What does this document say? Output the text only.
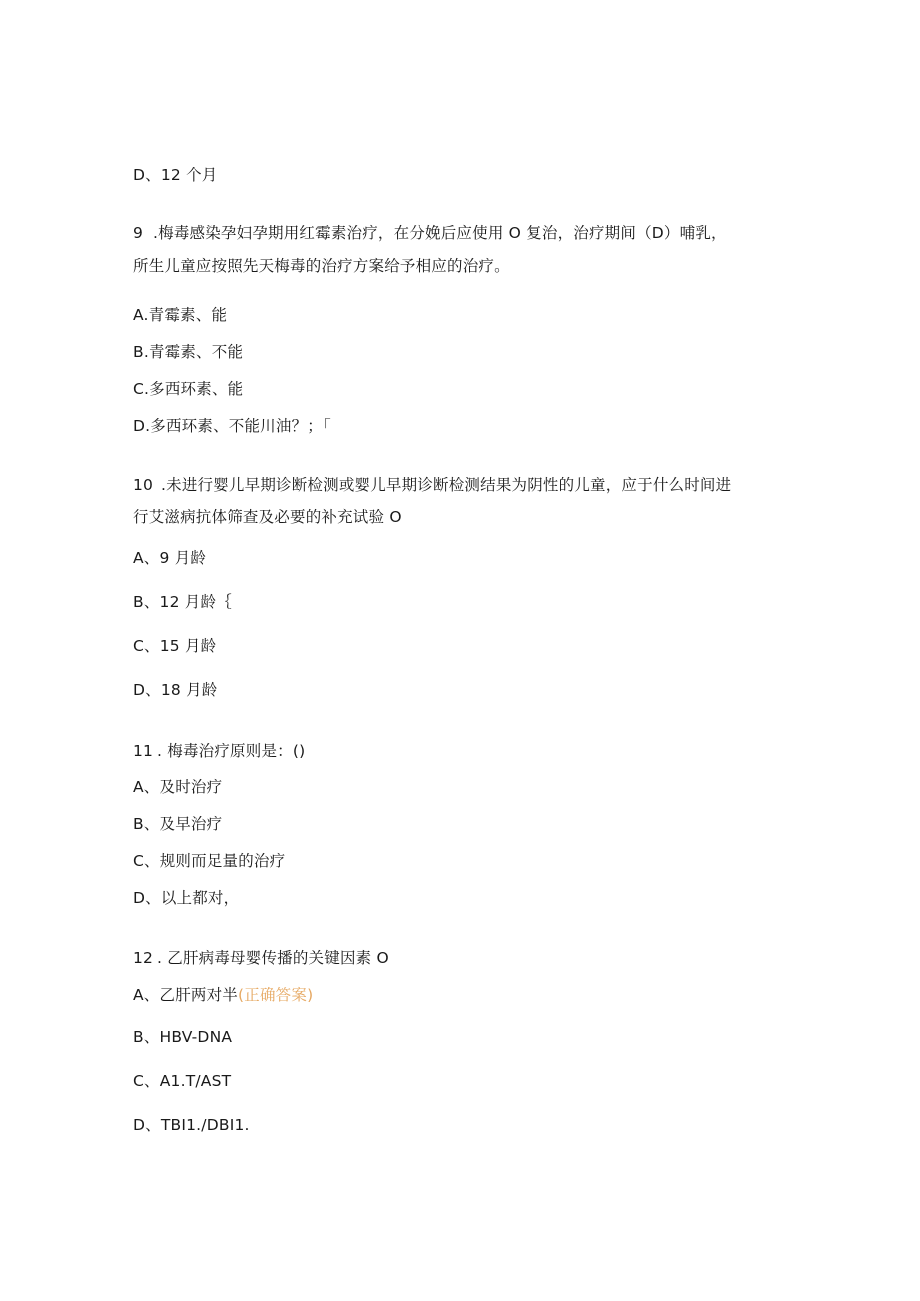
D、12 个月
9 .梅毒感染孕妇孕期用红霉素治疗，在分娩后应使用 O 复治，治疗期间（D）哺乳，
所生儿童应按照先天梅毒的治疗方案给予相应的治疗。
A.青霉素、能
B.青霉素、不能
C.多西环素、能
D.多西环素、不能川油？；「
10 .未进行婴儿早期诊断检测或婴儿早期诊断检测结果为阴性的儿童，应于什么时间进
行艾滋病抗体筛查及必要的补充试验 O
A、9 月龄
B、12 月龄｛
C、15 月龄
D、18 月龄
11 . 梅毒治疗原则是：()
A、及时治疗
B、及早治疗
C、规则而足量的治疗
D、以上都对，
12 . 乙肝病毒母婴传播的关键因素 O
A、乙肝两对半(正确答案)
B、HBV-DNA
C、A1.T/AST
D、TBI1./DBI1.
